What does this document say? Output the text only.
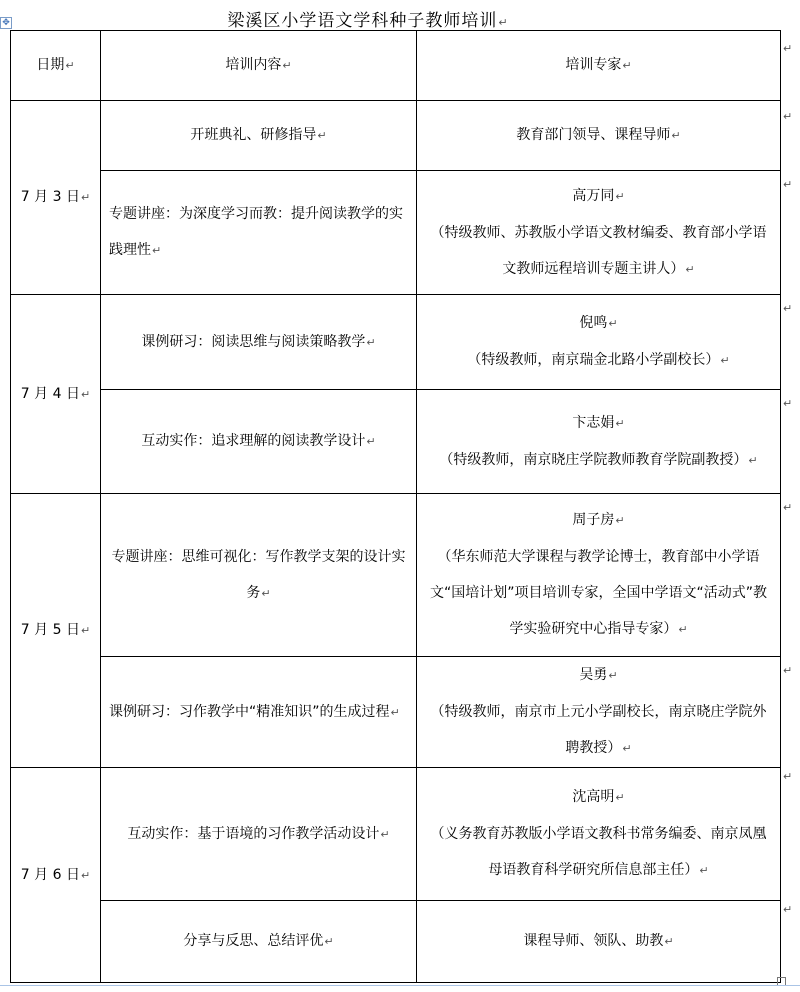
梁溪区小学语文学科种子教师培训↵
✥
日期↵	培训内容↵	培训专家↵
7 月 3 日↵	开班典礼、研修指导↵	教育部门领导、课程导师↵
	专题讲座：为深度学习而教：提升阅读教学的实践理性↵	高万同↵
（特级教师、苏教版小学语文教材编委、教育部小学语文教师远程培训专题主讲人）↵
7 月 4 日↵	课例研习：阅读思维与阅读策略教学↵	倪鸣↵
（特级教师，南京瑞金北路小学副校长）↵
	互动实作：追求理解的阅读教学设计↵	卞志娟↵
（特级教师，南京晓庄学院教师教育学院副教授）↵
7 月 5 日↵	专题讲座：思维可视化：写作教学支架的设计实务↵	周子房↵
（华东师范大学课程与教学论博士，教育部中小学语文“国培计划”项目培训专家，全国中学语文“活动式”教学实验研究中心指导专家）↵
	课例研习：习作教学中“精准知识”的生成过程↵	吴勇↵
（特级教师，南京市上元小学副校长，南京晓庄学院外聘教授）↵
7 月 6 日↵	互动实作：基于语境的习作教学活动设计↵	沈高明↵
（义务教育苏教版小学语文教科书常务编委、南京凤凰母语教育科学研究所信息部主任）↵
	分享与反思、总结评优↵	课程导师、领队、助教↵
↵
↵
↵
↵
↵
↵
↵
↵
↵
